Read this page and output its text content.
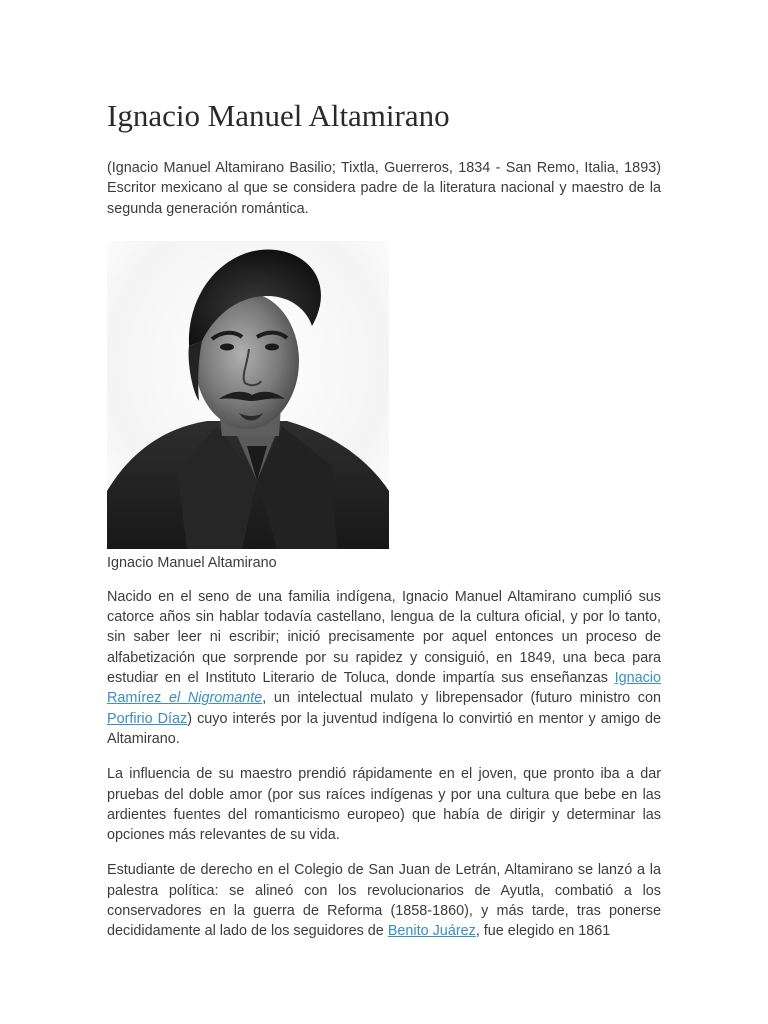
Ignacio Manuel Altamirano

(Ignacio Manuel Altamirano Basilio; Tixtla, Guerreros, 1834 - San Remo, Italia, 1893) Escritor mexicano al que se considera padre de la literatura nacional y maestro de la segunda generación romántica.

Ignacio Manuel Altamirano

Nacido en el seno de una familia indígena, Ignacio Manuel Altamirano cumplió sus catorce años sin hablar todavía castellano, lengua de la cultura oficial, y por lo tanto, sin saber leer ni escribir; inició precisamente por aquel entonces un proceso de alfabetización que sorprende por su rapidez y consiguió, en 1849, una beca para estudiar en el Instituto Literario de Toluca, donde impartía sus enseñanzas Ignacio Ramírez el Nigromante, un intelectual mulato y librepensador (futuro ministro con Porfirio Díaz) cuyo interés por la juventud indígena lo convirtió en mentor y amigo de Altamirano.

La influencia de su maestro prendió rápidamente en el joven, que pronto iba a dar pruebas del doble amor (por sus raíces indígenas y por una cultura que bebe en las ardientes fuentes del romanticismo europeo) que había de dirigir y determinar las opciones más relevantes de su vida.

Estudiante de derecho en el Colegio de San Juan de Letrán, Altamirano se lanzó a la palestra política: se alineó con los revolucionarios de Ayutla, combatió a los conservadores en la guerra de Reforma (1858-1860), y más tarde, tras ponerse decididamente al lado de los seguidores de Benito Juárez, fue elegido en 1861
